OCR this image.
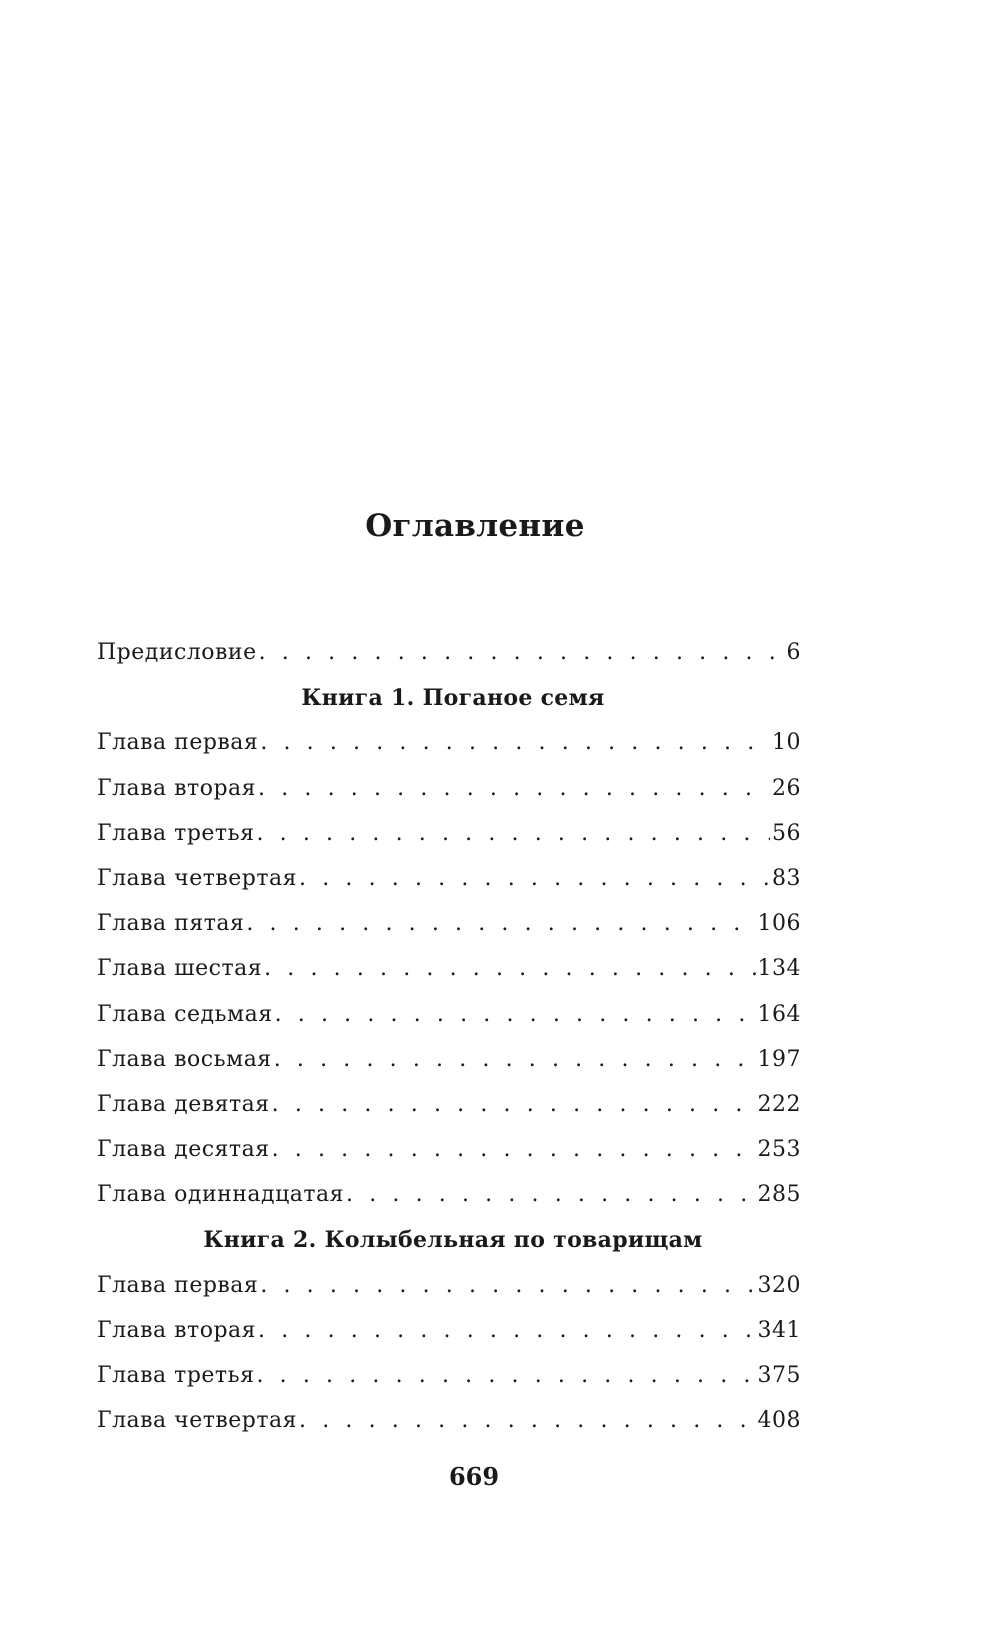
Оглавление
Предисловие . . .	6
Книга 1. Поганое семя
Глава первая . . .	10
Глава вторая . . .	26
Глава третья . . .	56
Глава четвертая . . .	83
Глава пятая . . .	106
Глава шестая . . .	134
Глава седьмая . . .	164
Глава восьмая . . .	197
Глава девятая . . .	222
Глава десятая . . .	253
Глава одиннадцатая . . .	285
Книга 2. Колыбельная по товарищам
Глава первая . . .	320
Глава вторая . . .	341
Глава третья . . .	375
Глава четвертая . . .	408
669
